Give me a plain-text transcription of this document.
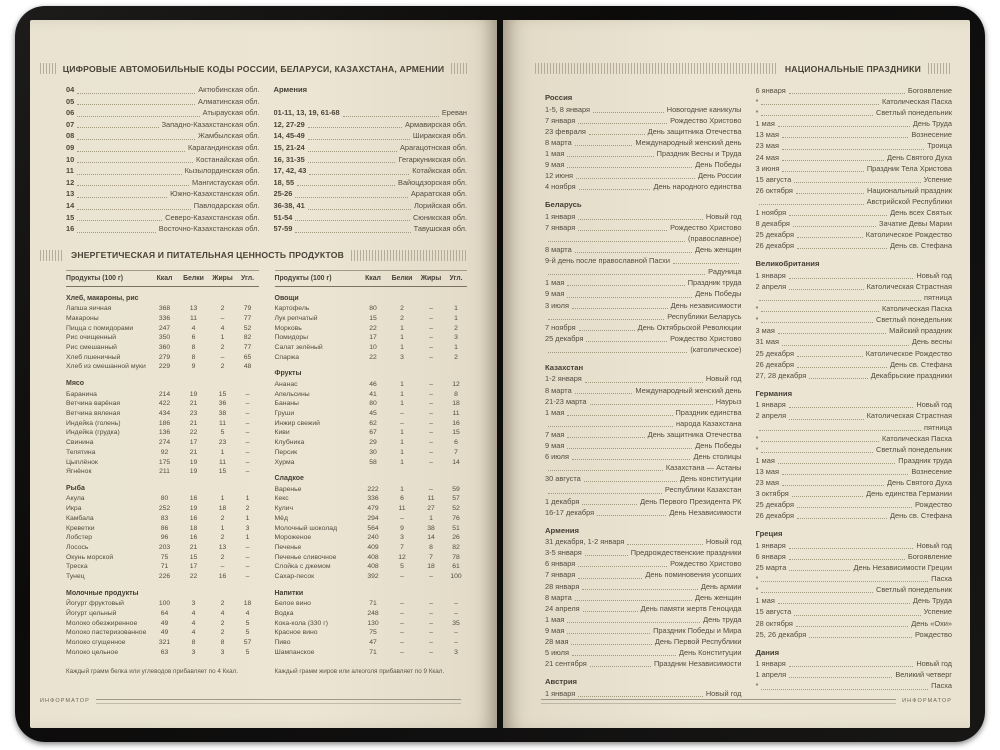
ЦИФРОВЫЕ АВТОМОБИЛЬНЫЕ КОДЫ РОССИИ, БЕЛАРУСИ, КАЗАХСТАНА, АРМЕНИИ
04	Актюбинская обл.
05	Алматинская обл.
06	Атырауская обл.
07	Западно-Казахстанская обл.
08	Жамбылская обл.
09	Карагандинская обл.
10	Костанайская обл.
11	Кызылординская обл.
12	Мангистауская обл.
13	Южно-Казахстанская обл.
14	Павлодарская обл.
15	Северо-Казахстанская обл.
16	Восточно-Казахстанская обл.
Армения
01-11, 13, 19, 61-68	Ереван
12, 27-29	Армавирская обл.
14, 45-49	Ширакская обл.
15, 21-24	Арагацотнская обл.
16, 31-35	Гегаркуникская обл.
17, 42, 43	Котайкская обл.
18, 55	Вайоцдзорская обл.
25-26	Араратская обл.
36-38, 41	Лорийская обл.
51-54	Сюникская обл.
57-59	Тавушская обл.
ЭНЕРГЕТИЧЕСКАЯ И ПИТАТЕЛЬНАЯ ЦЕННОСТЬ ПРОДУКТОВ
Продукты (100 г)	Ккал	Белки	Жиры	Угл.
Хлеб, макароны, рис
Лапша яичная	368	13	2	79
Макароны	336	11	–	77
Пицца с помидорами	247	4	4	52
Рис очищенный	350	6	1	82
Рис смешанный	360	8	2	77
Хлеб пшеничный	279	8	–	65
Хлеб из смешанной муки	229	9	2	48
Мясо
Баранина	214	19	15	–
Ветчина варёная	422	21	36	–
Ветчина вяленая	434	23	38	–
Индейка (голень)	186	21	11	–
Индейка (грудка)	136	22	5	–
Свинина	274	17	23	–
Телятина	92	21	1	–
Цыплёнок	175	19	11	–
Ягнёнок	211	19	15	–
Рыба
Акула	80	16	1	1
Икра	252	19	18	2
Камбала	83	16	2	1
Креветки	86	18	1	3
Лобстер	96	16	2	1
Лосось	203	21	13	–
Окунь морской	75	15	2	–
Треска	71	17	–	–
Тунец	226	22	16	–
Молочные продукты
Йогурт фруктовый	100	3	2	18
Йогурт цельный	64	4	4	4
Молоко обезжиренное	49	4	2	5
Молоко пастеризованное	49	4	2	5
Молоко сгущенное	321	8	8	57
Молоко цельное	63	3	3	5
Продукты (100 г)	Ккал	Белки	Жиры	Угл.
Овощи
Картофель	80	2	–	1
Лук репчатый	15	2	–	1
Морковь	22	1	–	2
Помидоры	17	1	–	3
Салат зелёный	10	1	–	1
Спаржа	22	3	–	2
Фрукты
Ананас	46	1	–	12
Апельсины	41	1	–	8
Бананы	80	1	–	18
Груши	45	–	–	11
Инжир свежий	62	–	–	16
Киви	67	1	–	15
Клубника	29	1	–	6
Персик	30	1	–	7
Хурма	58	1	–	14
Сладкое
Варенье	222	1	–	59
Кекс	336	6	11	57
Кулич	479	11	27	52
Мёд	294	–	1	76
Молочный шоколад	564	9	38	51
Мороженое	240	3	14	26
Печенье	409	7	8	82
Печенье сливочное	408	12	7	78
Слойка с джемом	408	5	18	61
Сахар-песок	392	–	–	100
Напитки
Белое вино	71	–	–	–
Водка	248	–	–	–
Кока-кола (330 г)	130	–	–	35
Красное вино	75	–	–	–
Пиво	47	–	–	–
Шампанское	71	–	–	3
Каждый грамм белка или углеводов прибавляет по 4 Ккал.	Каждый грамм жиров или алкоголя прибавляет по 9 Ккал.
ИНФОРМАТОР
НАЦИОНАЛЬНЫЕ ПРАЗДНИКИ
Россия
1-5, 8 января	Новогодние каникулы
7 января	Рождество Христово
23 февраля	День защитника Отечества
8 марта	Международный женский день
1 мая	Праздник Весны и Труда
9 мая	День Победы
12 июня	День России
4 ноября	День народного единства
Беларусь
1 января	Новый год
7 января	Рождество Христово
(православное)
8 марта	День женщин
9-й день после православной Пасхи
Радуница
1 мая	Праздник труда
9 мая	День Победы
3 июля	День независимости
Республики Беларусь
7 ноября	День Октябрьской Революции
25 декабря	Рождество Христово
(католическое)
Казахстан
1-2 января	Новый год
8 марта	Международный женский день
21-23 марта	Наурыз
1 мая	Праздник единства
народа Казахстана
7 мая	День защитника Отечества
9 мая	День Победы
6 июля	День столицы
Казахстана — Астаны
30 августа	День конституции
Республики Казахстан
1 декабря	День Первого Президента РК
16-17 декабря	День Независимости
Армения
31 декабря, 1-2 января	Новый год
3-5 января	Предрождественские праздники
6 января	Рождество Христово
7 января	День поминовения усопших
28 января	День армии
8 марта	День женщин
24 апреля	День памяти жертв Геноцида
1 мая	День труда
9 мая	Праздник Победы и Мира
28 мая	День Первой Республики
5 июля	День Конституции
21 сентября	Праздник Независимости
Австрия
1 января	Новый год
6 января	Богоявление
*	Католическая Пасха
*	Светлый понедельник
1 мая	День Труда
13 мая	Вознесение
23 мая	Троица
24 мая	День Святого Духа
3 июня	Праздник Тела Христова
15 августа	Успение
26 октября	Национальный праздник
Австрийской Республики
1 ноября	День всех Святых
8 декабря	Зачатие Девы Марии
25 декабря	Католическое Рождество
26 декабря	День св. Стефана
Великобритания
1 января	Новый год
2 апреля	Католическая Страстная
пятница
*	Католическая Пасха
*	Светлый понедельник
3 мая	Майский праздник
31 мая	День весны
25 декабря	Католическое Рождество
26 декабря	День св. Стефана
27, 28 декабря	Декабрьские праздники
Германия
1 января	Новый год
2 апреля	Католическая Страстная
пятница
*	Католическая Пасха
*	Светлый понедельник
1 мая	Праздник труда
13 мая	Вознесение
23 мая	День Святого Духа
3 октября	День единства Германии
25 декабря	Рождество
26 декабря	День св. Стефана
Греция
1 января	Новый год
6 января	Богоявление
25 марта	День Независимости Греции
*	Пасха
*	Светлый понедельник
1 мая	День Труда
15 августа	Успение
28 октября	День «Охи»
25, 26 декабря	Рождество
Дания
1 января	Новый год
1 апреля	Великий четверг
*	Пасха
ИНФОРМАТОР
